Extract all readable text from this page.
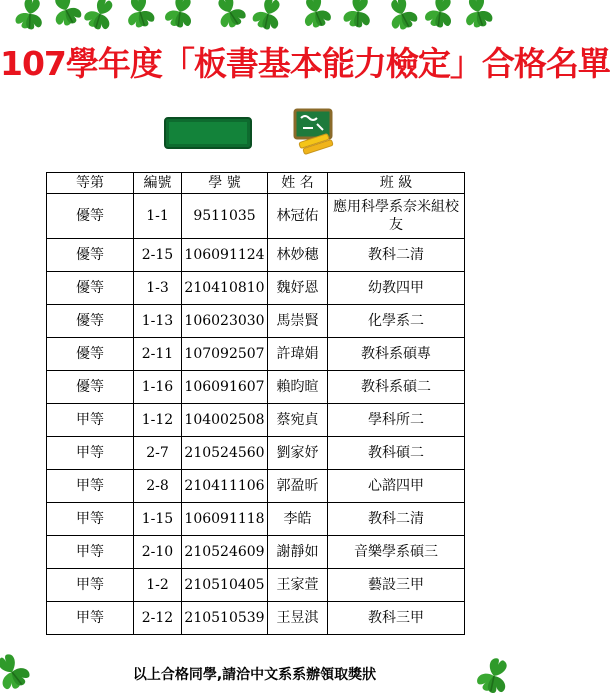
107學年度「板書基本能力檢定」合格名單
等第	編號	學 號	姓 名	班 級
優等	1-1	9511035	林冠佑	應用科學系奈米組校友
優等	2-15	106091124	林妙穗	教科二清
優等	1-3	210410810	魏妤恩	幼教四甲
優等	1-13	106023030	馬崇賢	化學系二
優等	2-11	107092507	許瑋娟	教科系碩專
優等	1-16	106091607	賴昀暄	教科系碩二
甲等	1-12	104002508	蔡宛貞	學科所二
甲等	2-7	210524560	劉家妤	教科碩二
甲等	2-8	210411106	郭盈昕	心諮四甲
甲等	1-15	106091118	李皓	教科二清
甲等	2-10	210524609	謝靜如	音樂學系碩三
甲等	1-2	210510405	王家萱	藝設三甲
甲等	2-12	210510539	王昱淇	教科三甲
以上合格同學,請洽中文系系辦領取獎狀
